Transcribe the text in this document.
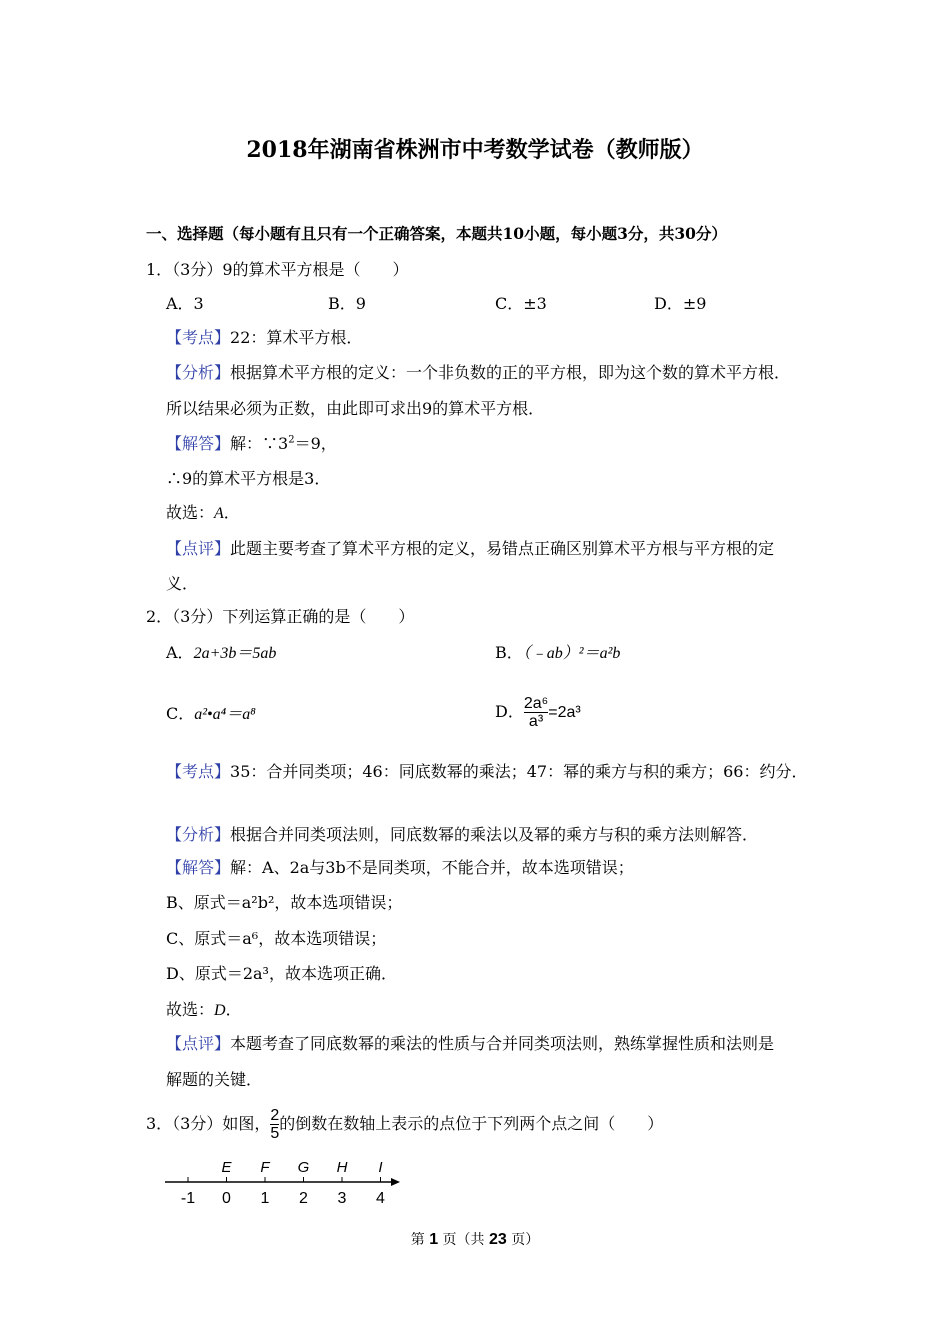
2018年湖南省株洲市中考数学试卷（教师版）
一、选择题（每小题有且只有一个正确答案，本题共10小题，每小题3分，共30分）
1．（3分）9的算术平方根是（　　）
A．3	B．9	C．±3	D．±9
【考点】22：算术平方根．
【分析】根据算术平方根的定义：一个非负数的正的平方根，即为这个数的算术平方根．
所以结果必须为正数，由此即可求出9的算术平方根．
【解答】解：$\because 3^2=9$，
∴9的算术平方根是3．
故选：A．
【点评】此题主要考查了算术平方根的定义，易错点正确区别算术平方根与平方根的定
义．
2．（3分）下列运算正确的是（　　）
A．2a+3b＝5ab	B．（﹣ab）²＝a²b
C．a²•a⁴＝a⁸	D． $\frac{\text{2a⁶}}{\text{a³}} =2a^3$
【考点】35：合并同类项；46：同底数幂的乘法；47：幂的乘方与积的乘方；66：约分．
【分析】根据合并同类项法则，同底数幂的乘法以及幂的乘方与积的乘方法则解答．
【解答】解：A、2a与3b不是同类项，不能合并，故本选项错误；
B、原式＝a²b²，故本选项错误；
C、原式＝a⁶，故本选项错误；
D、原式＝2a³，故本选项正确．
故选：D．
【点评】本题考查了同底数幂的乘法的性质与合并同类项法则，熟练掌握性质和法则是
解题的关键．
3．（3分）如图， $\frac{2}{5}$ 的倒数在数轴上表示的点位于下列两个点之间（　　）
-1 0 1 2 3 4
E F G H I
第 1 页（共 23 页）
